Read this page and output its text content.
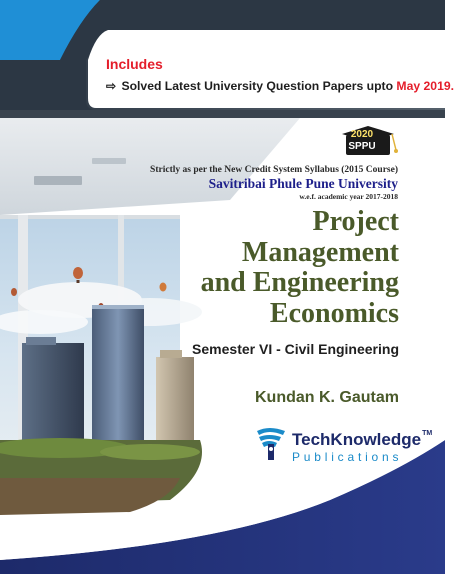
Includes
⇨ Solved Latest University Question Papers upto May 2019.
2020
SPPU
Strictly as per the New Credit System Syllabus (2015 Course)
Savitribai Phule Pune University
w.e.f. academic year 2017-2018
Project
Management
and Engineering
Economics
Semester VI - Civil Engineering
Kundan K. Gautam
TechKnowledge™
Publications
